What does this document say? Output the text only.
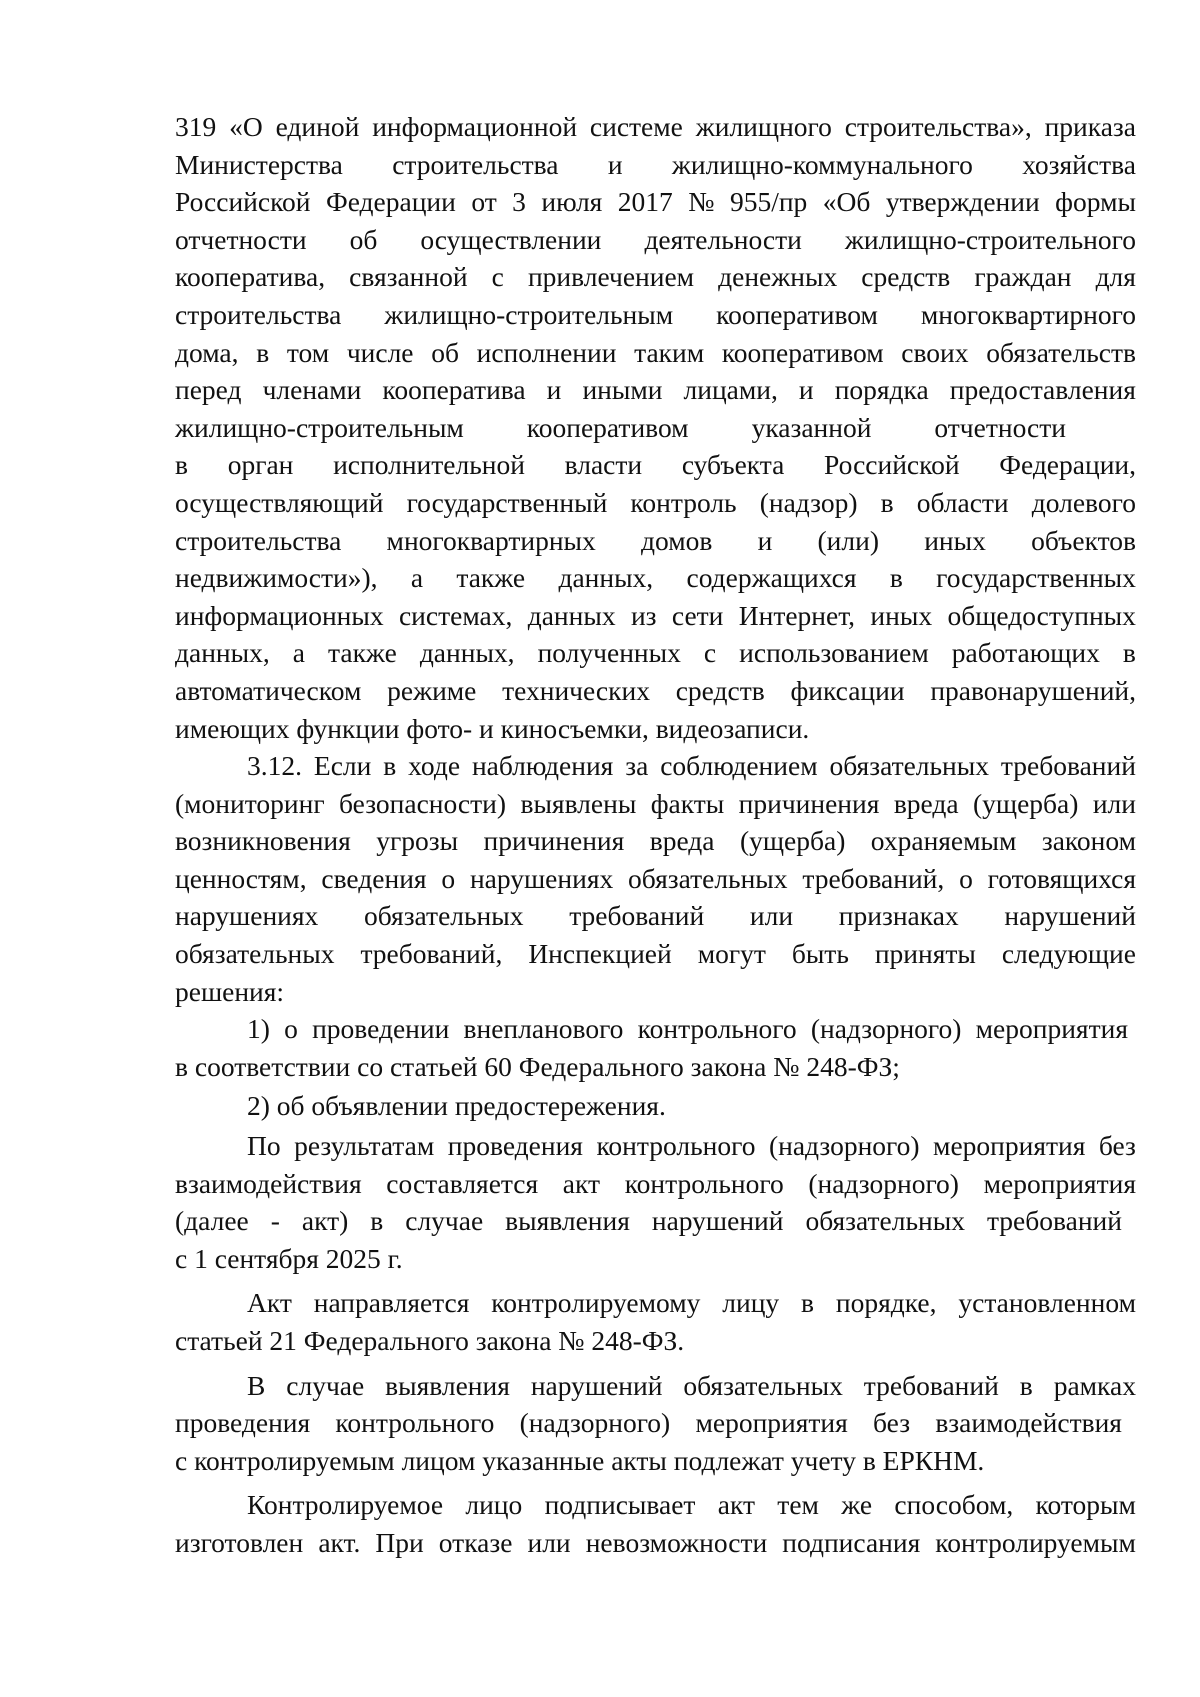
319 «О единой информационной системе жилищного строительства», приказа
Министерства строительства и жилищно-коммунального хозяйства
Российской Федерации от 3 июля 2017 № 955/пр «Об утверждении формы
отчетности об осуществлении деятельности жилищно-строительного
кооператива, связанной с привлечением денежных средств граждан для
строительства жилищно-строительным кооперативом многоквартирного
дома, в том числе об исполнении таким кооперативом своих обязательств
перед членами кооператива и иными лицами, и порядка предоставления
жилищно-строительным кооперативом указанной отчетности
в орган исполнительной власти субъекта Российской Федерации,
осуществляющий государственный контроль (надзор) в области долевого
строительства многоквартирных домов и (или) иных объектов
недвижимости»), а также данных, содержащихся в государственных
информационных системах, данных из сети Интернет, иных общедоступных
данных, а также данных, полученных с использованием работающих в
автоматическом режиме технических средств фиксации правонарушений,
имеющих функции фото- и киносъемки, видеозаписи.
3.12. Если в ходе наблюдения за соблюдением обязательных требований
(мониторинг безопасности) выявлены факты причинения вреда (ущерба) или
возникновения угрозы причинения вреда (ущерба) охраняемым законом
ценностям, сведения о нарушениях обязательных требований, о готовящихся
нарушениях обязательных требований или признаках нарушений
обязательных требований, Инспекцией могут быть приняты следующие
решения:
1) о проведении внепланового контрольного (надзорного) мероприятия
в соответствии со статьей 60 Федерального закона № 248-ФЗ;
2) об объявлении предостережения.
По результатам проведения контрольного (надзорного) мероприятия без
взаимодействия составляется акт контрольного (надзорного) мероприятия
(далее - акт) в случае выявления нарушений обязательных требований
с 1 сентября 2025 г.
Акт направляется контролируемому лицу в порядке, установленном
статьей 21 Федерального закона № 248-ФЗ.
В случае выявления нарушений обязательных требований в рамках
проведения контрольного (надзорного) мероприятия без взаимодействия
с контролируемым лицом указанные акты подлежат учету в ЕРКНМ.
Контролируемое лицо подписывает акт тем же способом, которым
изготовлен акт. При отказе или невозможности подписания контролируемым
